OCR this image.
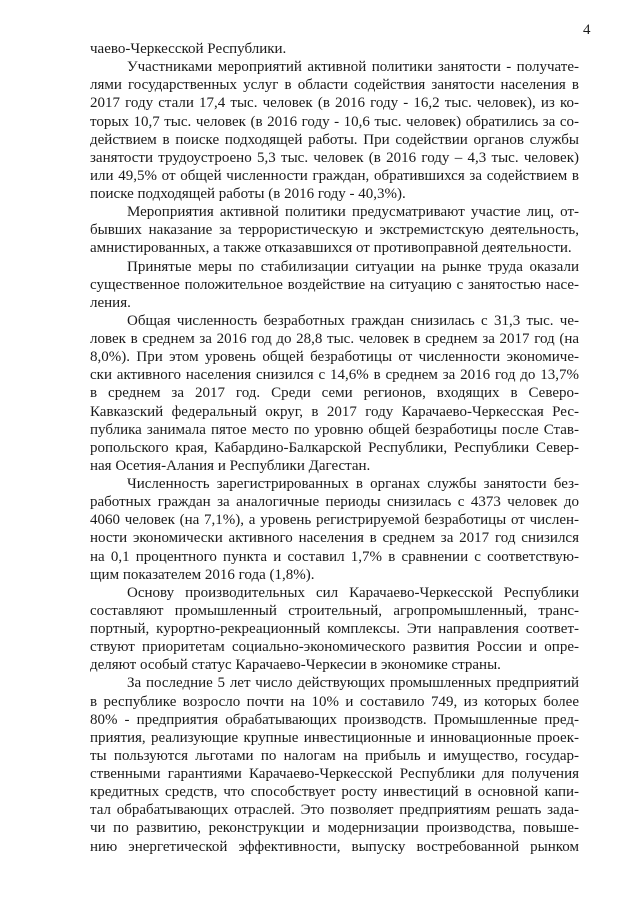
4
чаево-Черкесской Республики.
Участниками мероприятий активной политики занятости - получате-
лями государственных услуг в области содействия занятости населения в
2017 году стали 17,4 тыс. человек (в 2016 году - 16,2 тыс. человек), из ко-
торых 10,7 тыс. человек (в 2016 году - 10,6 тыс. человек) обратились за со-
действием в поиске подходящей работы. При содействии органов службы
занятости трудоустроено 5,3 тыс. человек (в 2016 году – 4,3 тыс. человек)
или 49,5% от общей численности граждан, обратившихся за содействием в
поиске подходящей работы (в 2016 году - 40,3%).
Мероприятия активной политики предусматривают участие лиц, от-
бывших наказание за террористическую и экстремистскую деятельность,
амнистированных, а также отказавшихся от противоправной деятельности.
Принятые меры по стабилизации ситуации на рынке труда оказали
существенное положительное воздействие на ситуацию с занятостью насе-
ления.
Общая численность безработных граждан снизилась с 31,3 тыс. че-
ловек в среднем за 2016 год до 28,8 тыс. человек в среднем за 2017 год (на
8,0%). При этом уровень общей безработицы от численности экономиче-
ски активного населения снизился с 14,6% в среднем за 2016 год до 13,7%
в среднем за 2017 год. Среди семи регионов, входящих в Северо-
Кавказский федеральный округ, в 2017 году Карачаево-Черкесская Рес-
публика занимала пятое место по уровню общей безработицы после Став-
ропольского края, Кабардино-Балкарской Республики, Республики Север-
ная Осетия-Алания и Республики Дагестан.
Численность зарегистрированных в органах службы занятости без-
работных граждан за аналогичные периоды снизилась с 4373 человек до
4060 человек (на 7,1%), а уровень регистрируемой безработицы от числен-
ности экономически активного населения в среднем за 2017 год снизился
на 0,1 процентного пункта и составил 1,7% в сравнении с соответствую-
щим показателем 2016 года (1,8%).
Основу производительных сил Карачаево-Черкесской Республики
составляют промышленный строительный, агропромышленный, транс-
портный, курортно-рекреационный комплексы. Эти направления соответ-
ствуют приоритетам социально-экономического развития России и опре-
деляют особый статус Карачаево-Черкесии в экономике страны.
За последние 5 лет число действующих промышленных предприятий
в республике возросло почти на 10% и составило 749, из которых более
80% - предприятия обрабатывающих производств. Промышленные пред-
приятия, реализующие крупные инвестиционные и инновационные проек-
ты пользуются льготами по налогам на прибыль и имущество, государ-
ственными гарантиями Карачаево-Черкесской Республики для получения
кредитных средств, что способствует росту инвестиций в основной капи-
тал обрабатывающих отраслей. Это позволяет предприятиям решать зада-
чи по развитию, реконструкции и модернизации производства, повыше-
нию энергетической эффективности, выпуску востребованной рынком
